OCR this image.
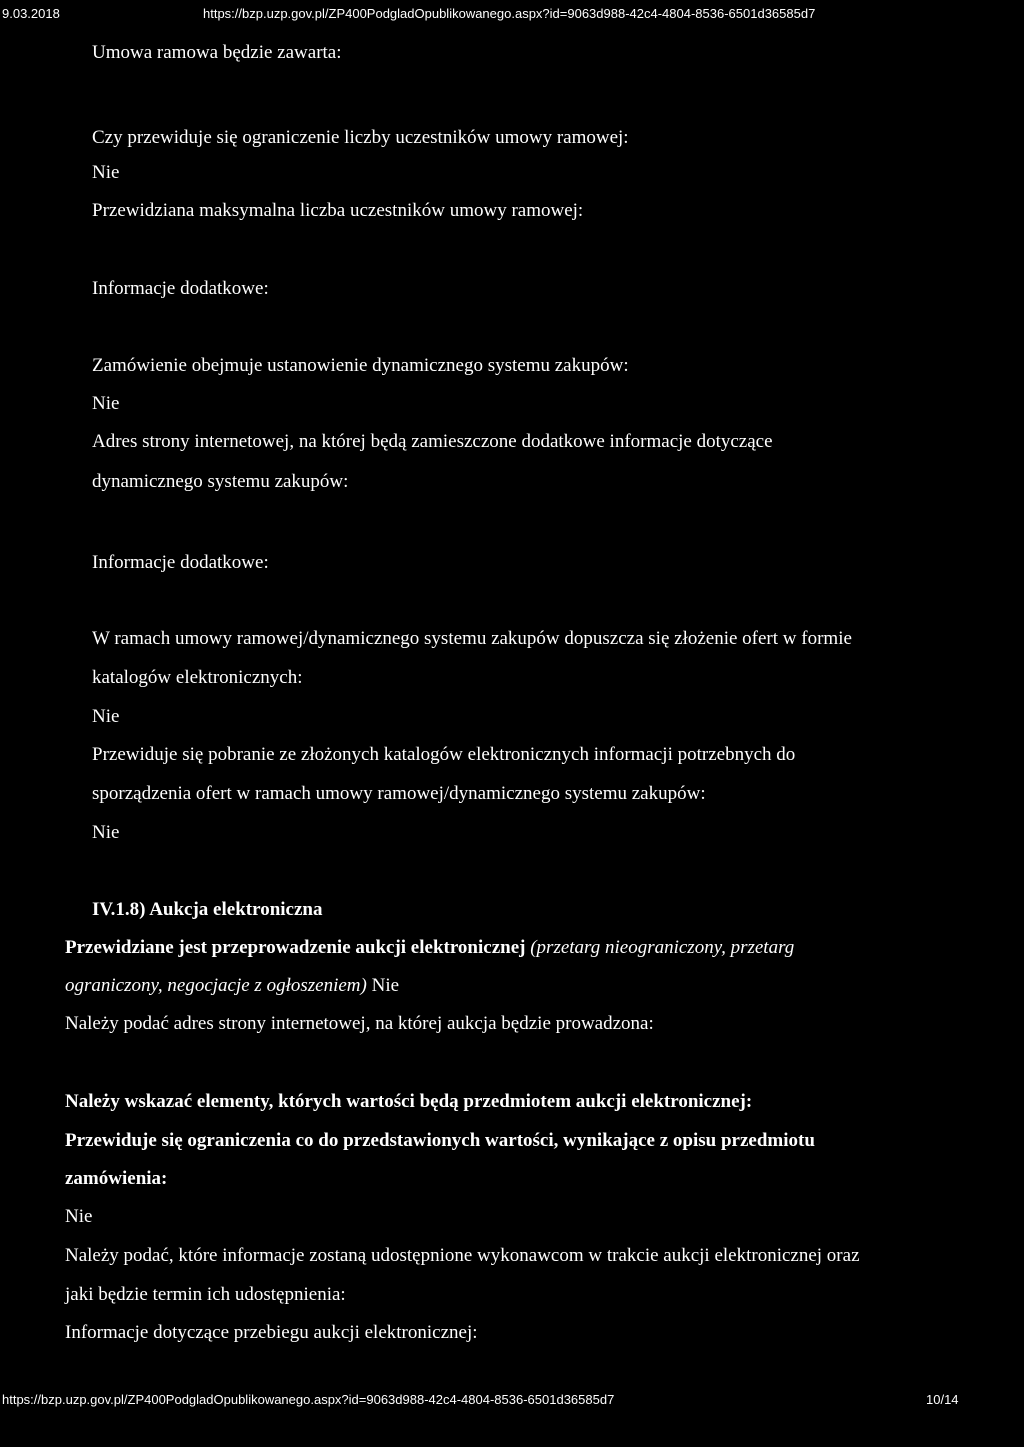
9.03.2018	https://bzp.uzp.gov.pl/ZP400PodgladOpublikowanego.aspx?id=9063d988-42c4-4804-8536-6501d36585d7
Umowa ramowa będzie zawarta:
Czy przewiduje się ograniczenie liczby uczestników umowy ramowej:
Nie
Przewidziana maksymalna liczba uczestników umowy ramowej:
Informacje dodatkowe:
Zamówienie obejmuje ustanowienie dynamicznego systemu zakupów:
Nie
Adres strony internetowej, na której będą zamieszczone dodatkowe informacje dotyczące
dynamicznego systemu zakupów:
Informacje dodatkowe:
W ramach umowy ramowej/dynamicznego systemu zakupów dopuszcza się złożenie ofert w formie
katalogów elektronicznych:
Nie
Przewiduje się pobranie ze złożonych katalogów elektronicznych informacji potrzebnych do
sporządzenia ofert w ramach umowy ramowej/dynamicznego systemu zakupów:
Nie
IV.1.8) Aukcja elektroniczna
Przewidziane jest przeprowadzenie aukcji elektronicznej (przetarg nieograniczony, przetarg
ograniczony, negocjacje z ogłoszeniem) Nie
Należy podać adres strony internetowej, na której aukcja będzie prowadzona:
Należy wskazać elementy, których wartości będą przedmiotem aukcji elektronicznej:
Przewiduje się ograniczenia co do przedstawionych wartości, wynikające z opisu przedmiotu
zamówienia:
Nie
Należy podać, które informacje zostaną udostępnione wykonawcom w trakcie aukcji elektronicznej oraz
jaki będzie termin ich udostępnienia:
Informacje dotyczące przebiegu aukcji elektronicznej:
https://bzp.uzp.gov.pl/ZP400PodgladOpublikowanego.aspx?id=9063d988-42c4-4804-8536-6501d36585d7	10/14
